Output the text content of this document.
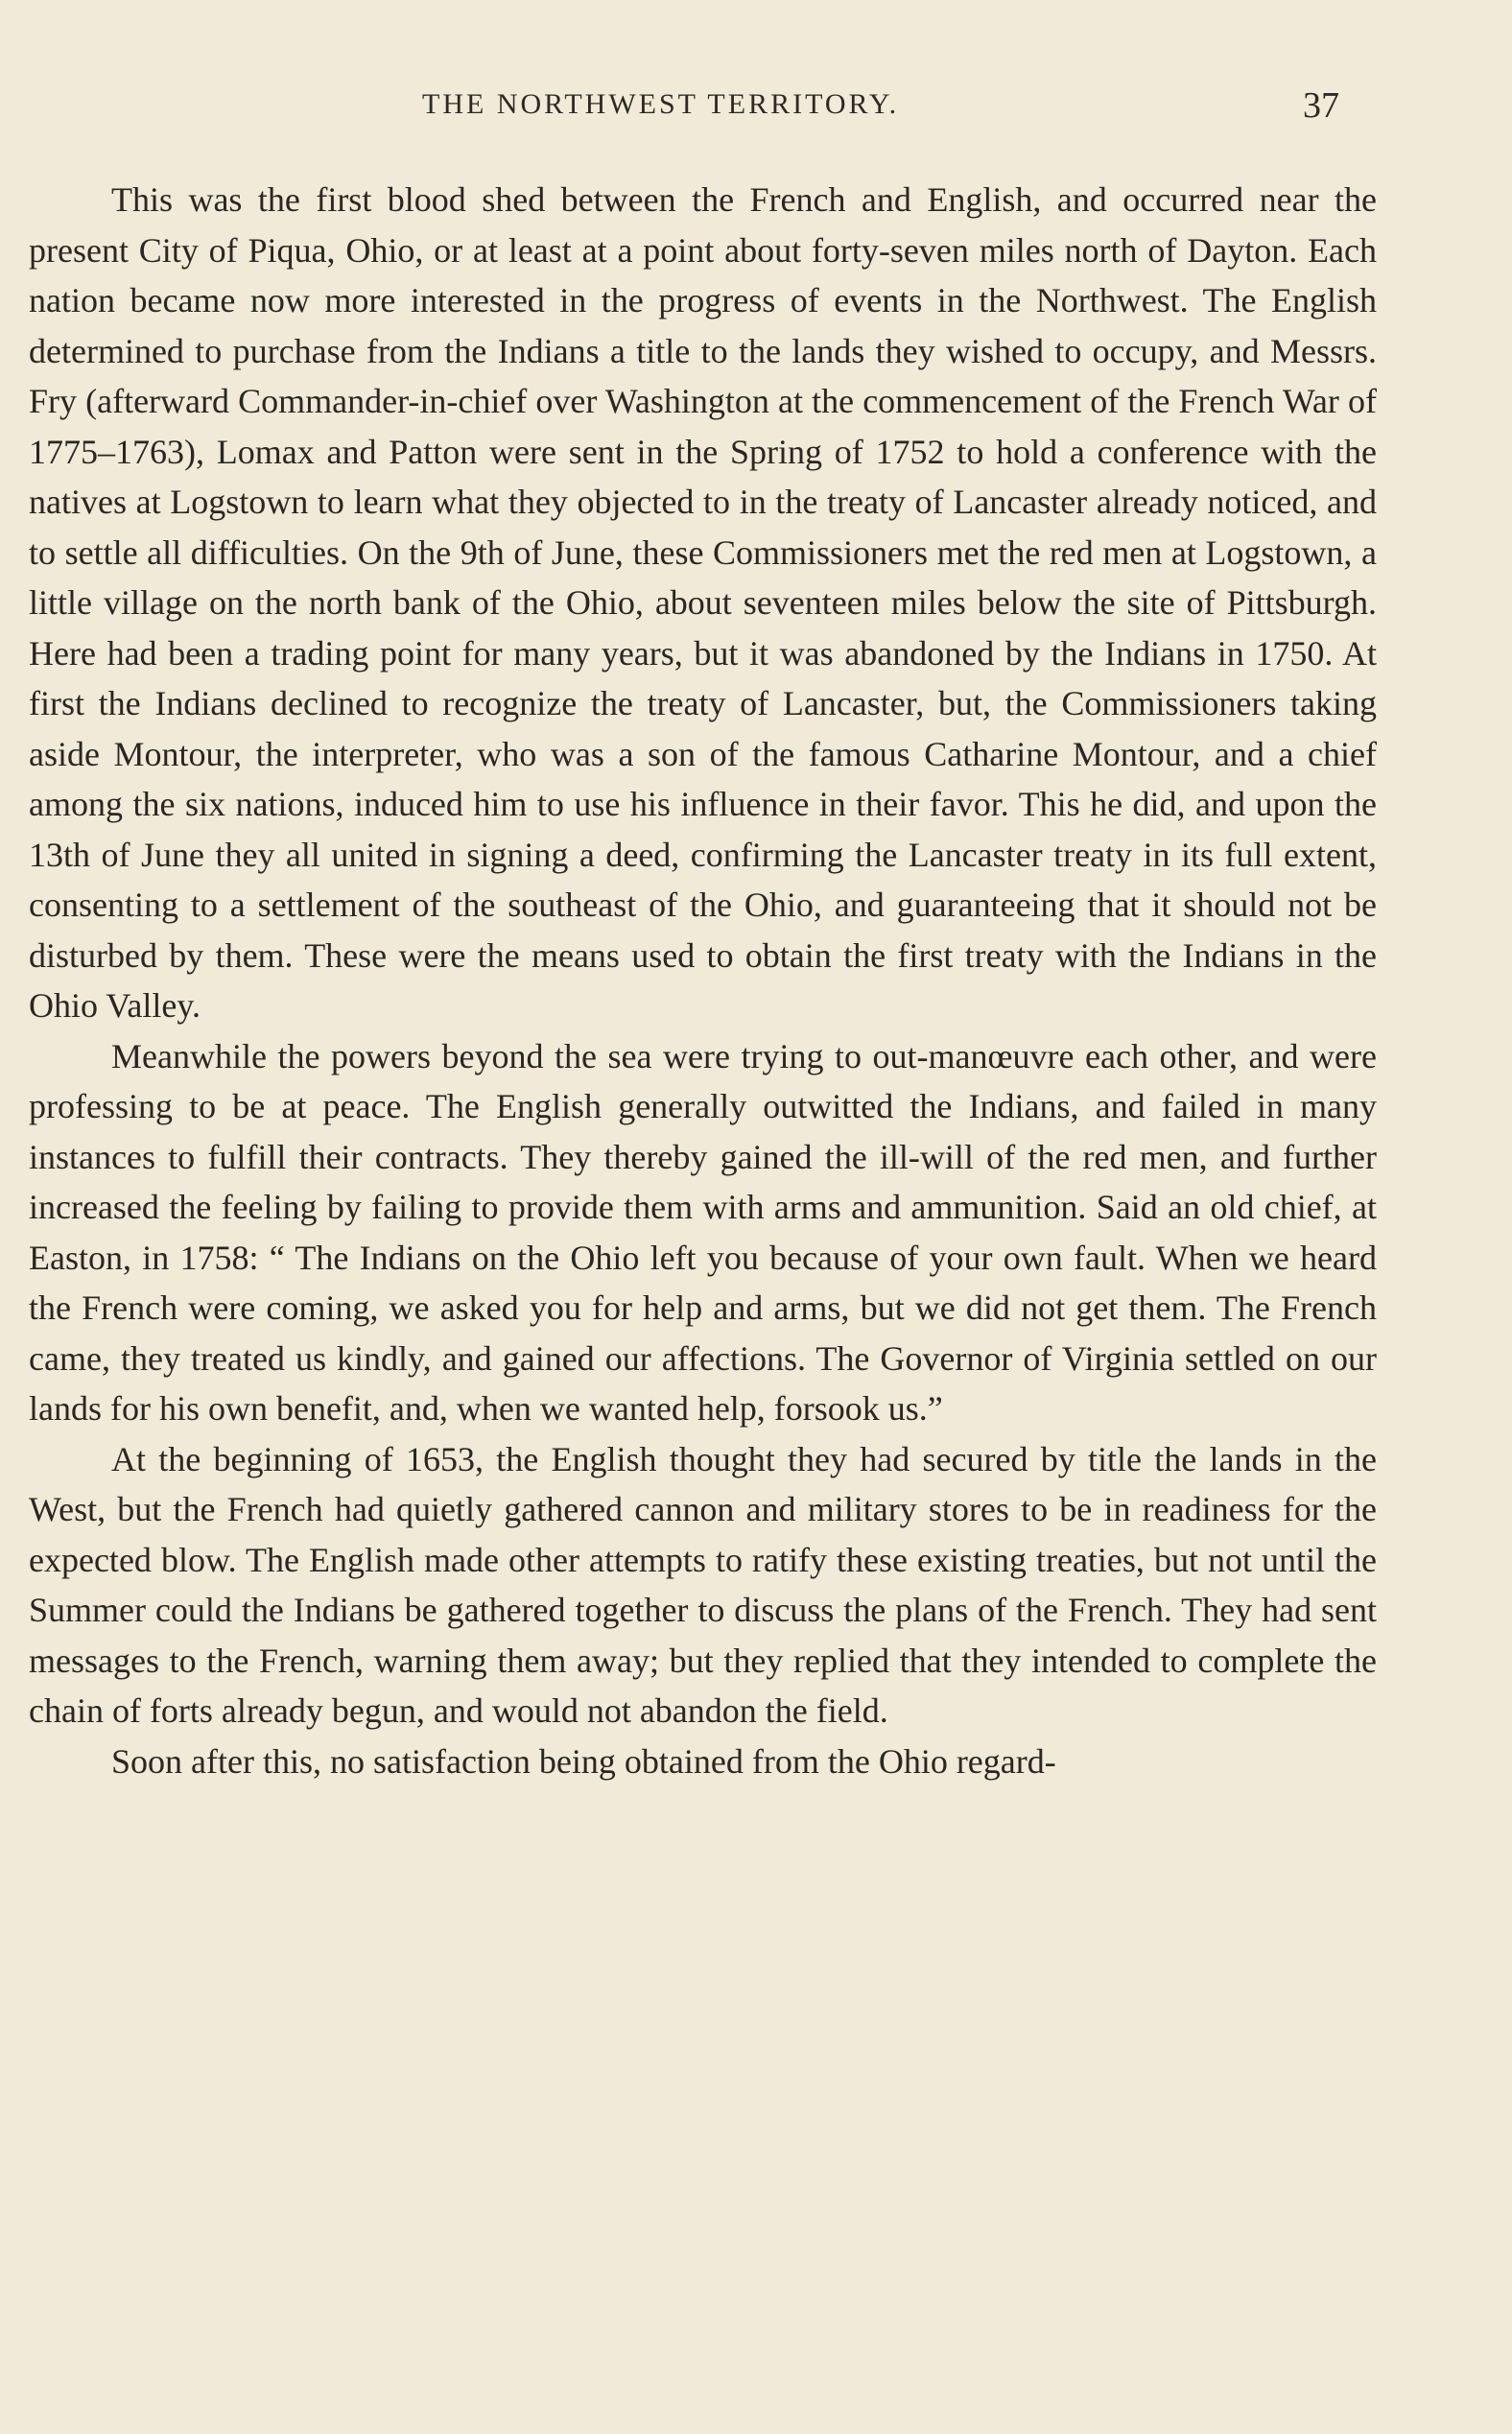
THE NORTHWEST TERRITORY.	37

This was the first blood shed between the French and English, and occurred near the present City of Piqua, Ohio, or at least at a point about forty-seven miles north of Dayton. Each nation became now more interested in the progress of events in the Northwest. The English determined to purchase from the Indians a title to the lands they wished to occupy, and Messrs. Fry (afterward Commander-in-chief over Washington at the commencement of the French War of 1775–1763), Lomax and Patton were sent in the Spring of 1752 to hold a conference with the natives at Logstown to learn what they objected to in the treaty of Lancaster already noticed, and to settle all difficulties. On the 9th of June, these Commissioners met the red men at Logstown, a little village on the north bank of the Ohio, about seventeen miles below the site of Pittsburgh. Here had been a trading point for many years, but it was abandoned by the Indians in 1750. At first the Indians declined to recognize the treaty of Lancaster, but, the Commissioners taking aside Montour, the interpreter, who was a son of the famous Catharine Montour, and a chief among the six nations, induced him to use his influence in their favor. This he did, and upon the 13th of June they all united in signing a deed, confirming the Lancaster treaty in its full extent, consenting to a settlement of the southeast of the Ohio, and guaranteeing that it should not be disturbed by them. These were the means used to obtain the first treaty with the Indians in the Ohio Valley.

Meanwhile the powers beyond the sea were trying to out-manœuvre each other, and were professing to be at peace. The English generally outwitted the Indians, and failed in many instances to fulfill their contracts. They thereby gained the ill-will of the red men, and further increased the feeling by failing to provide them with arms and ammunition. Said an old chief, at Easton, in 1758: “ The Indians on the Ohio left you because of your own fault. When we heard the French were coming, we asked you for help and arms, but we did not get them. The French came, they treated us kindly, and gained our affections. The Governor of Virginia settled on our lands for his own benefit, and, when we wanted help, forsook us.”

At the beginning of 1653, the English thought they had secured by title the lands in the West, but the French had quietly gathered cannon and military stores to be in readiness for the expected blow. The English made other attempts to ratify these existing treaties, but not until the Summer could the Indians be gathered together to discuss the plans of the French. They had sent messages to the French, warning them away; but they replied that they intended to complete the chain of forts already begun, and would not abandon the field.

Soon after this, no satisfaction being obtained from the Ohio regard-
